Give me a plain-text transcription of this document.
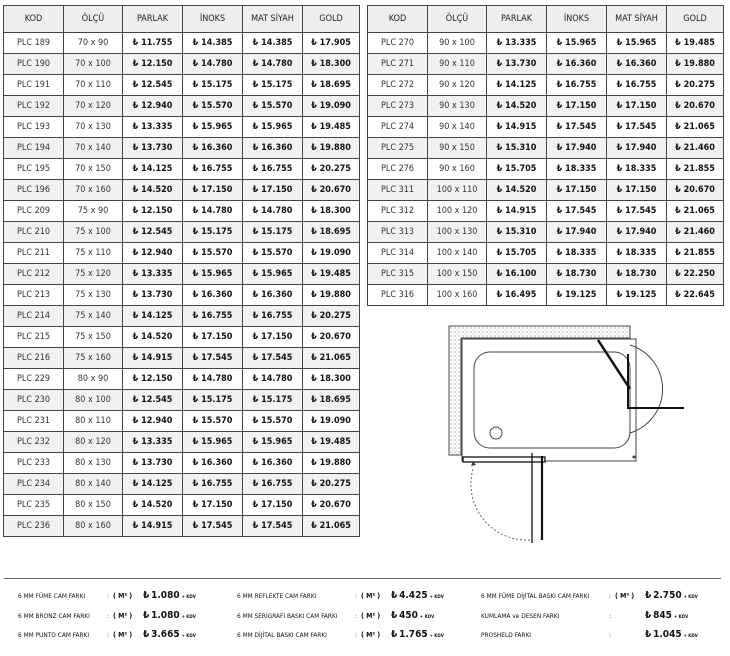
KOD	ÖLÇÜ	PARLAK	İNOKS	MAT SİYAH	GOLD
PLC 189	70 x 90	₺ 11.755	₺ 14.385	₺ 14.385	₺ 17.905
PLC 190	70 x 100	₺ 12.150	₺ 14.780	₺ 14.780	₺ 18.300
PLC 191	70 x 110	₺ 12.545	₺ 15.175	₺ 15.175	₺ 18.695
PLC 192	70 x 120	₺ 12.940	₺ 15.570	₺ 15.570	₺ 19.090
PLC 193	70 x 130	₺ 13.335	₺ 15.965	₺ 15.965	₺ 19.485
PLC 194	70 x 140	₺ 13.730	₺ 16.360	₺ 16.360	₺ 19.880
PLC 195	70 x 150	₺ 14.125	₺ 16.755	₺ 16.755	₺ 20.275
PLC 196	70 x 160	₺ 14.520	₺ 17.150	₺ 17.150	₺ 20.670
PLC 209	75 x 90	₺ 12.150	₺ 14.780	₺ 14.780	₺ 18.300
PLC 210	75 x 100	₺ 12.545	₺ 15.175	₺ 15.175	₺ 18.695
PLC 211	75 x 110	₺ 12.940	₺ 15.570	₺ 15.570	₺ 19.090
PLC 212	75 x 120	₺ 13.335	₺ 15.965	₺ 15.965	₺ 19.485
PLC 213	75 x 130	₺ 13.730	₺ 16.360	₺ 16.360	₺ 19.880
PLC 214	75 x 140	₺ 14.125	₺ 16.755	₺ 16.755	₺ 20.275
PLC 215	75 x 150	₺ 14.520	₺ 17.150	₺ 17.150	₺ 20.670
PLC 216	75 x 160	₺ 14.915	₺ 17.545	₺ 17.545	₺ 21.065
PLC 229	80 x 90	₺ 12.150	₺ 14.780	₺ 14.780	₺ 18.300
PLC 230	80 x 100	₺ 12.545	₺ 15.175	₺ 15.175	₺ 18.695
PLC 231	80 x 110	₺ 12.940	₺ 15.570	₺ 15.570	₺ 19.090
PLC 232	80 x 120	₺ 13.335	₺ 15.965	₺ 15.965	₺ 19.485
PLC 233	80 x 130	₺ 13.730	₺ 16.360	₺ 16.360	₺ 19.880
PLC 234	80 x 140	₺ 14.125	₺ 16.755	₺ 16.755	₺ 20.275
PLC 235	80 x 150	₺ 14.520	₺ 17.150	₺ 17.150	₺ 20.670
PLC 236	80 x 160	₺ 14.915	₺ 17.545	₺ 17.545	₺ 21.065
KOD	ÖLÇÜ	PARLAK	İNOKS	MAT SİYAH	GOLD
PLC 270	90 x 100	₺ 13.335	₺ 15.965	₺ 15.965	₺ 19.485
PLC 271	90 x 110	₺ 13.730	₺ 16.360	₺ 16.360	₺ 19.880
PLC 272	90 x 120	₺ 14.125	₺ 16.755	₺ 16.755	₺ 20.275
PLC 273	90 x 130	₺ 14.520	₺ 17.150	₺ 17.150	₺ 20.670
PLC 274	90 x 140	₺ 14.915	₺ 17.545	₺ 17.545	₺ 21.065
PLC 275	90 x 150	₺ 15.310	₺ 17.940	₺ 17.940	₺ 21.460
PLC 276	90 x 160	₺ 15.705	₺ 18.335	₺ 18.335	₺ 21.855
PLC 311	100 x 110	₺ 14.520	₺ 17.150	₺ 17.150	₺ 20.670
PLC 312	100 x 120	₺ 14.915	₺ 17.545	₺ 17.545	₺ 21.065
PLC 313	100 x 130	₺ 15.310	₺ 17.940	₺ 17.940	₺ 21.460
PLC 314	100 x 140	₺ 15.705	₺ 18.335	₺ 18.335	₺ 21.855
PLC 315	100 x 150	₺ 16.100	₺ 18.730	₺ 18.730	₺ 22.250
PLC 316	100 x 160	₺ 16.495	₺ 19.125	₺ 19.125	₺ 22.645
6 MM FÜME CAM FARKI	: ( M² ) ₺ 1.080 + KDV
6 MM BRONZ CAM FARKI	: ( M² ) ₺ 1.080 + KDV
6 MM PUNTO CAM FARKI	: ( M² ) ₺ 3.665 + KDV
6 MM REFLEKTE CAM FARKI	: ( M² ) ₺ 4.425 + KDV
6 MM SERİGRAFİ BASKI CAM FARKI	: ( M² ) ₺ 450 + KDV
6 MM DİJİTAL BASKI CAM FARKI	: ( M² ) ₺ 1.765 + KDV
6 MM FÜME DİJİTAL BASKI CAM FARKI	: ( M² ) ₺ 2.750 + KDV
KUMLAMA ve DESEN FARKI	:	₺ 845 + KDV
PROSHELD FARKI	:	₺ 1.045 + KDV
